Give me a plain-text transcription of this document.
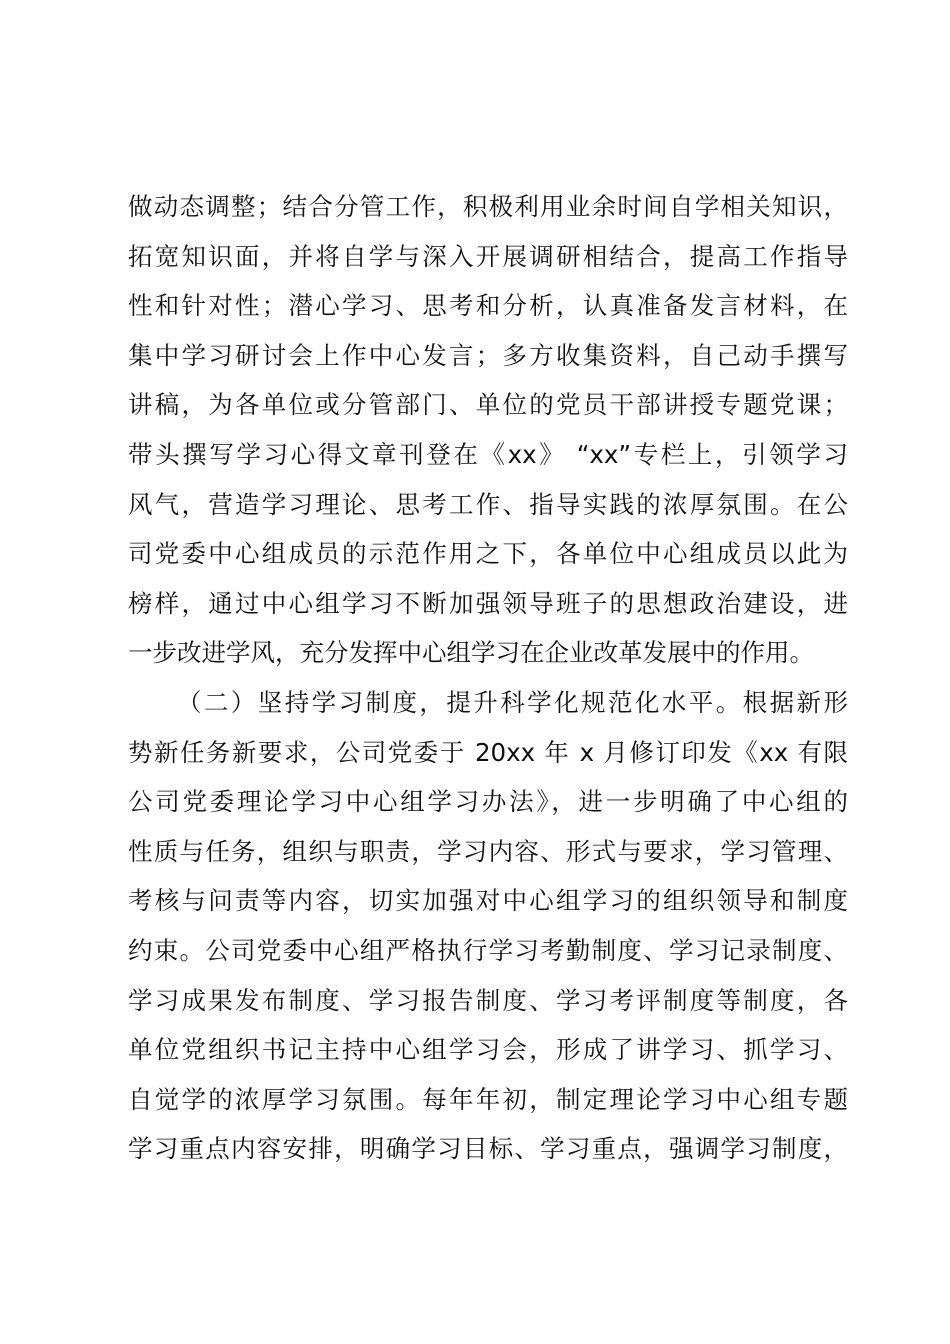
做动态调整；结合分管工作，积极利用业余时间自学相关知识，
拓宽知识面，并将自学与深入开展调研相结合，提高工作指导
性和针对性；潜心学习、思考和分析，认真准备发言材料，在
集中学习研讨会上作中心发言；多方收集资料，自己动手撰写
讲稿，为各单位或分管部门、单位的党员干部讲授专题党课；
带头撰写学习心得文章刊登在《xx》 “xx”专栏上，引领学习
风气，营造学习理论、思考工作、指导实践的浓厚氛围。在公
司党委中心组成员的示范作用之下，各单位中心组成员以此为
榜样，通过中心组学习不断加强领导班子的思想政治建设，进
一步改进学风，充分发挥中心组学习在企业改革发展中的作用。
（二）坚持学习制度，提升科学化规范化水平。根据新形
势新任务新要求，公司党委于 20xx 年 x 月修订印发《xx 有限
公司党委理论学习中心组学习办法》，进一步明确了中心组的
性质与任务，组织与职责，学习内容、形式与要求，学习管理、
考核与问责等内容，切实加强对中心组学习的组织领导和制度
约束。公司党委中心组严格执行学习考勤制度、学习记录制度、
学习成果发布制度、学习报告制度、学习考评制度等制度，各
单位党组织书记主持中心组学习会，形成了讲学习、抓学习、
自觉学的浓厚学习氛围。每年年初，制定理论学习中心组专题
学习重点内容安排，明确学习目标、学习重点，强调学习制度，
